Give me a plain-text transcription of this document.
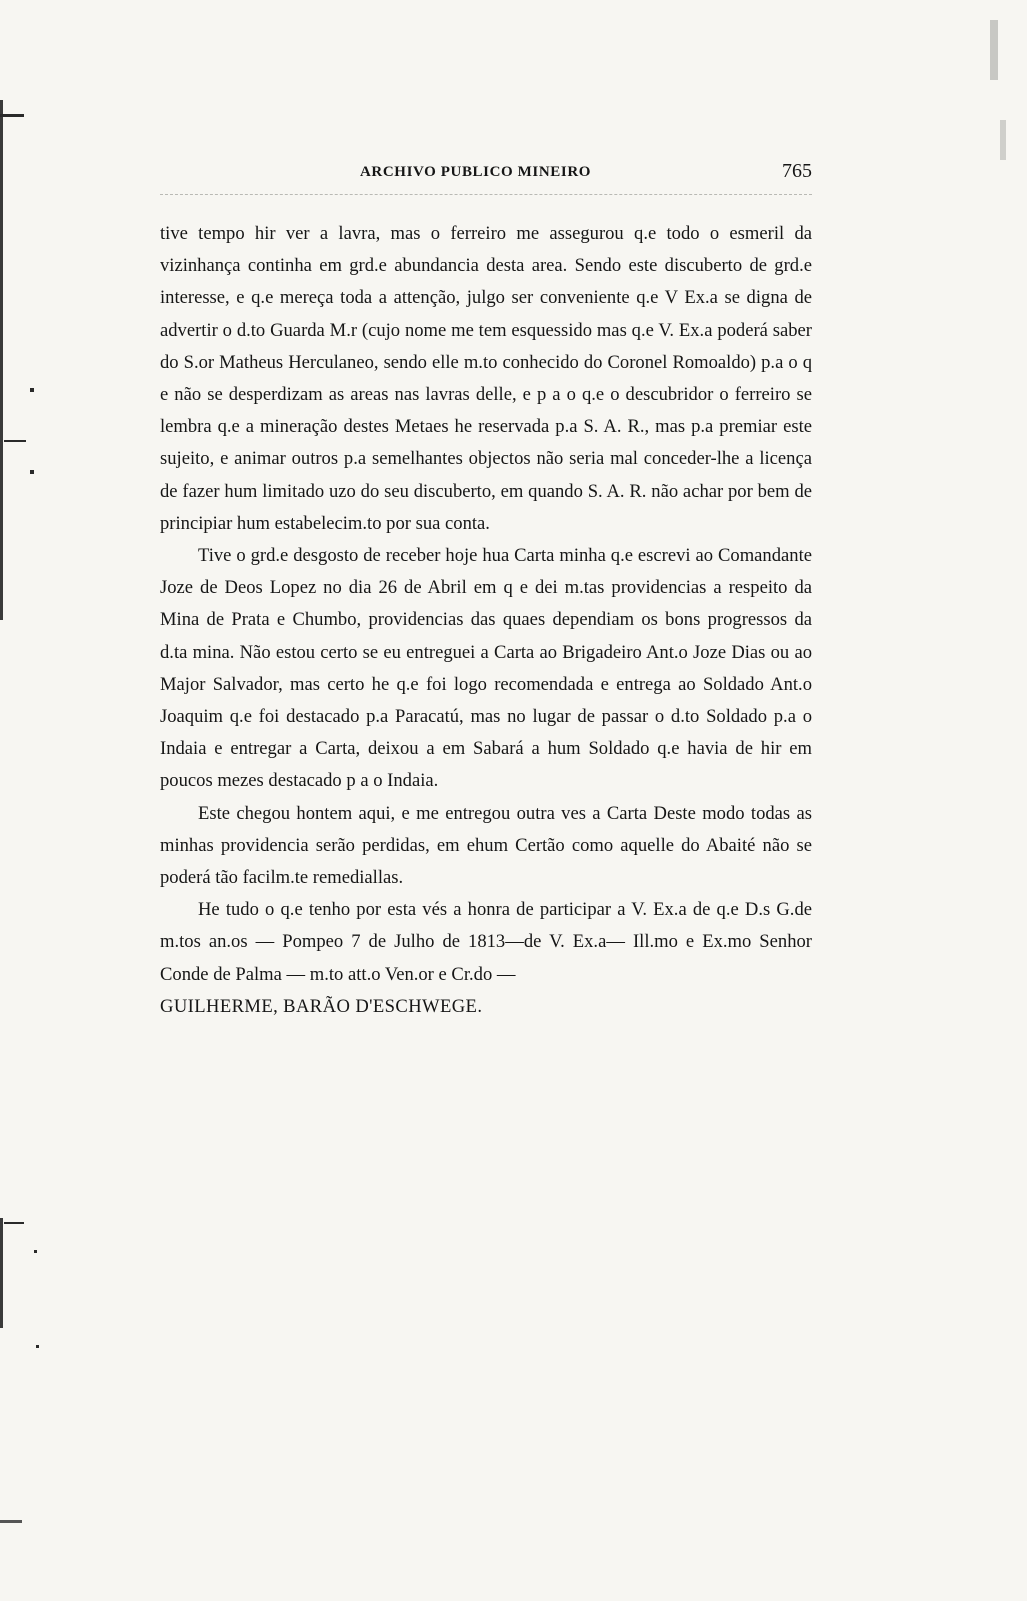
ARCHIVO PUBLICO MINEIRO	765

tive tempo hir ver a lavra, mas o ferreiro me assegurou q.e todo o esmeril da vizinhança continha em grd.e abundancia desta area. Sendo este discuberto de grd.e interesse, e q.e mereça toda a attenção, julgo ser conveniente q.e V Ex.a se digna de advertir o d.to Guarda M.r (cujo nome me tem esquessido mas q.e V. Ex.a poderá saber do S.or Matheus Herculaneo, sendo elle m.to conhecido do Coronel Romoaldo) p.a o q e não se desperdizam as areas nas lavras delle, e p a o q.e o descubridor o ferreiro se lembra q.e a mineração destes Metaes he reservada p.a S. A. R., mas p.a premiar este sujeito, e animar outros p.a semelhantes objectos não seria mal conceder-lhe a licença de fazer hum limitado uzo do seu discuberto, em quando S. A. R. não achar por bem de principiar hum estabelecim.to por sua conta.

Tive o grd.e desgosto de receber hoje hua Carta minha q.e escrevi ao Comandante Joze de Deos Lopez no dia 26 de Abril em q e dei m.tas providencias a respeito da Mina de Prata e Chumbo, providencias das quaes dependiam os bons progressos da d.ta mina. Não estou certo se eu entreguei a Carta ao Brigadeiro Ant.o Joze Dias ou ao Major Salvador, mas certo he q.e foi logo recomendada e entrega ao Soldado Ant.o Joaquim q.e foi destacado p.a Paracatú, mas no lugar de passar o d.to Soldado p.a o Indaia e entregar a Carta, deixou a em Sabará a hum Soldado q.e havia de hir em poucos mezes destacado p a o Indaia.

Este chegou hontem aqui, e me entregou outra ves a Carta Deste modo todas as minhas providencia serão perdidas, em ehum Certão como aquelle do Abaité não se poderá tão facilm.te remediallas.

He tudo o q.e tenho por esta vés a honra de participar a V. Ex.a de q.e D.s G.de m.tos an.os — Pompeo 7 de Julho de 1813—de V. Ex.a— Ill.mo e Ex.mo Senhor Conde de Palma — m.to att.o Ven.or e Cr.do —

GUILHERME, BARÃO D'ESCHWEGE.
